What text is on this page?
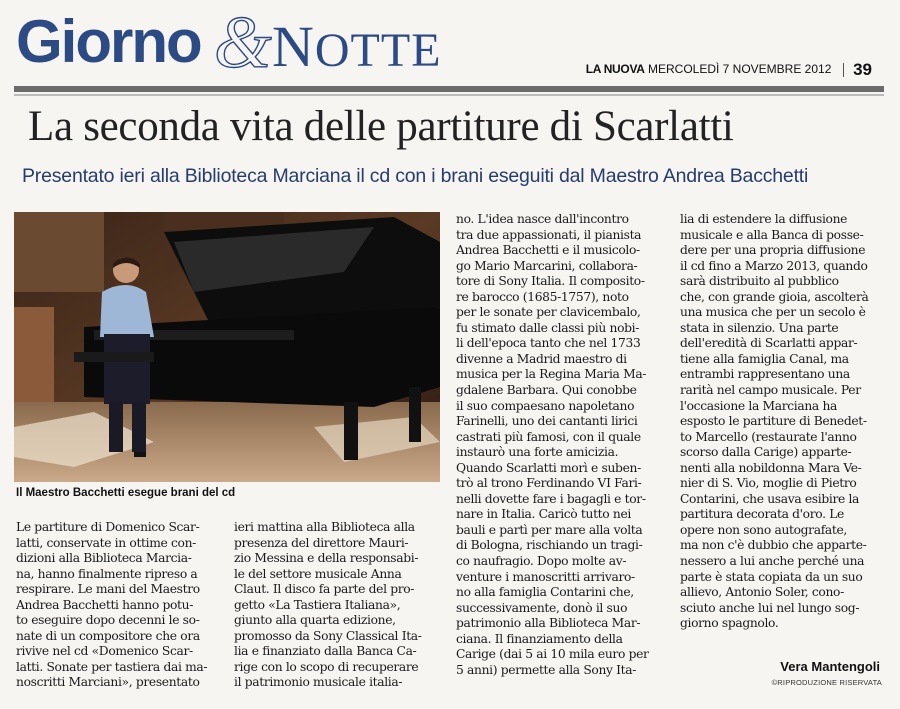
Giorno & NOTTE	LA NUOVA MERCOLEDÌ 7 NOVEMBRE 2012 39
La seconda vita delle partiture di Scarlatti
Presentato ieri alla Biblioteca Marciana il cd con i brani eseguiti dal Maestro Andrea Bacchetti
Il Maestro Bacchetti esegue brani del cd
Le partiture di Domenico Scar-
latti, conservate in ottime con-
dizioni alla Biblioteca Marcia-
na, hanno finalmente ripreso a
respirare. Le mani del Maestro
Andrea Bacchetti hanno potu-
to eseguire dopo decenni le so-
nate di un compositore che ora
rivive nel cd «Domenico Scar-
latti. Sonate per tastiera dai ma-
noscritti Marciani», presentato
ieri mattina alla Biblioteca alla
presenza del direttore Mauri-
zio Messina e della responsabi-
le del settore musicale Anna
Claut. Il disco fa parte del pro-
getto «La Tastiera Italiana»,
giunto alla quarta edizione,
promosso da Sony Classical Ita-
lia e finanziato dalla Banca Ca-
rige con lo scopo di recuperare
il patrimonio musicale italia-
no. L'idea nasce dall'incontro
tra due appassionati, il pianista
Andrea Bacchetti e il musicolo-
go Mario Marcarini, collabora-
tore di Sony Italia. Il composito-
re barocco (1685-1757), noto
per le sonate per clavicembalo,
fu stimato dalle classi più nobi-
li dell'epoca tanto che nel 1733
divenne a Madrid maestro di
musica per la Regina Maria Ma-
gdalene Barbara. Qui conobbe
il suo compaesano napoletano
Farinelli, uno dei cantanti lirici
castrati più famosi, con il quale
instaurò una forte amicizia.
Quando Scarlatti morì e suben-
trò al trono Ferdinando VI Fari-
nelli dovette fare i bagagli e tor-
nare in Italia. Caricò tutto nei
bauli e partì per mare alla volta
di Bologna, rischiando un tragi-
co naufragio. Dopo molte av-
venture i manoscritti arrivaro-
no alla famiglia Contarini che,
successivamente, donò il suo
patrimonio alla Biblioteca Mar-
ciana. Il finanziamento della
Carige (dai 5 ai 10 mila euro per
5 anni) permette alla Sony Ita-
lia di estendere la diffusione
musicale e alla Banca di posse-
dere per una propria diffusione
il cd fino a Marzo 2013, quando
sarà distribuito al pubblico
che, con grande gioia, ascolterà
una musica che per un secolo è
stata in silenzio. Una parte
dell'eredità di Scarlatti appar-
tiene alla famiglia Canal, ma
entrambi rappresentano una
rarità nel campo musicale. Per
l'occasione la Marciana ha
esposto le partiture di Benedet-
to Marcello (restaurate l'anno
scorso dalla Carige) apparte-
nenti alla nobildonna Mara Ve-
nier di S. Vio, moglie di Pietro
Contarini, che usava esibire la
partitura decorata d'oro. Le
opere non sono autografate,
ma non c'è dubbio che apparte-
nessero a lui anche perché una
parte è stata copiata da un suo
allievo, Antonio Soler, cono-
sciuto anche lui nel lungo sog-
giorno spagnolo.
Vera Mantengoli
©RIPRODUZIONE RISERVATA
